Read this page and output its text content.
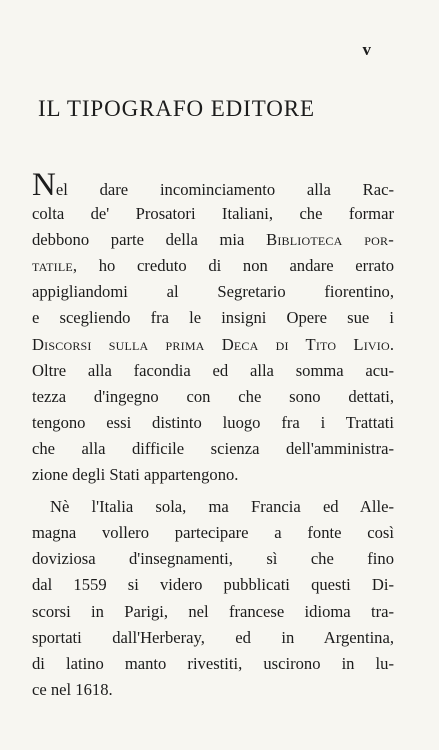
v
IL TIPOGRAFO EDITORE
Nel dare incominciamento alla Rac-
colta de' Prosatori Italiani, che formar
debbono parte della mia Biblioteca por-
tatile, ho creduto di non andare errato
appigliandomi al Segretario fiorentino,
e scegliendo fra le insigni Opere sue i
Discorsi sulla prima Deca di Tito Livio.
Oltre alla facondia ed alla somma acu-
tezza d'ingegno con che sono dettati,
tengono essi distinto luogo fra i Trattati
che alla difficile scienza dell'amministra-
zione degli Stati appartengono.
Nè l'Italia sola, ma Francia ed Alle-
magna vollero partecipare a fonte così
doviziosa d'insegnamenti, sì che fino
dal 1559 si videro pubblicati questi Di-
scorsi in Parigi, nel francese idioma tra-
sportati dall'Herberay, ed in Argentina,
di latino manto rivestiti, uscirono in lu-
ce nel 1618.
